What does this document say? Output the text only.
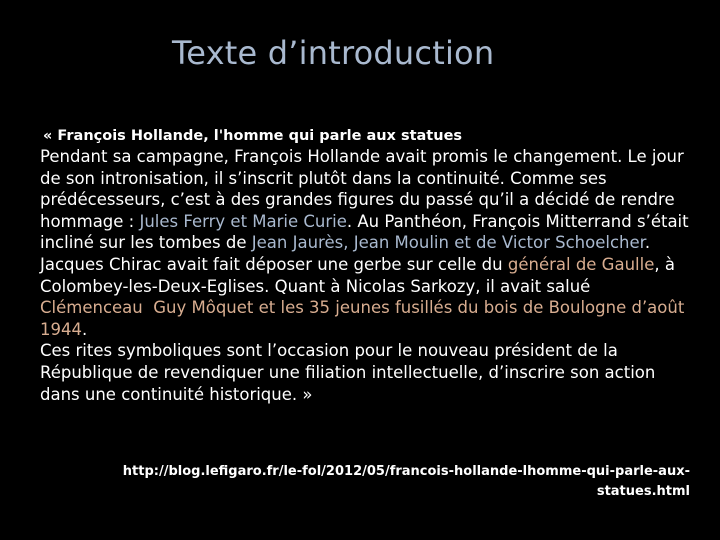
Texte d’introduction
« François Hollande, l'homme qui parle aux statues

Pendant sa campagne, François Hollande avait promis le changement. Le jour de son intronisation, il s’inscrit plutôt dans la continuité. Comme ses prédécesseurs, c’est à des grandes figures du passé qu’il a décidé de rendre hommage : Jules Ferry et Marie Curie. Au Panthéon, François Mitterrand s’était incliné sur les tombes de Jean Jaurès, Jean Moulin et de Victor Schoelcher. Jacques Chirac avait fait déposer une gerbe sur celle du général de Gaulle, à Colombey-les-Deux-Eglises. Quant à Nicolas Sarkozy, il avait salué Clémenceau Guy Môquet et les 35 jeunes fusillés du bois de Boulogne d’août 1944.

Ces rites symboliques sont l’occasion pour le nouveau président de la République de revendiquer une filiation intellectuelle, d’inscrire son action dans une continuité historique. »

http://blog.lefigaro.fr/le-fol/2012/05/francois-hollande-lhomme-qui-parle-aux-statues.html
